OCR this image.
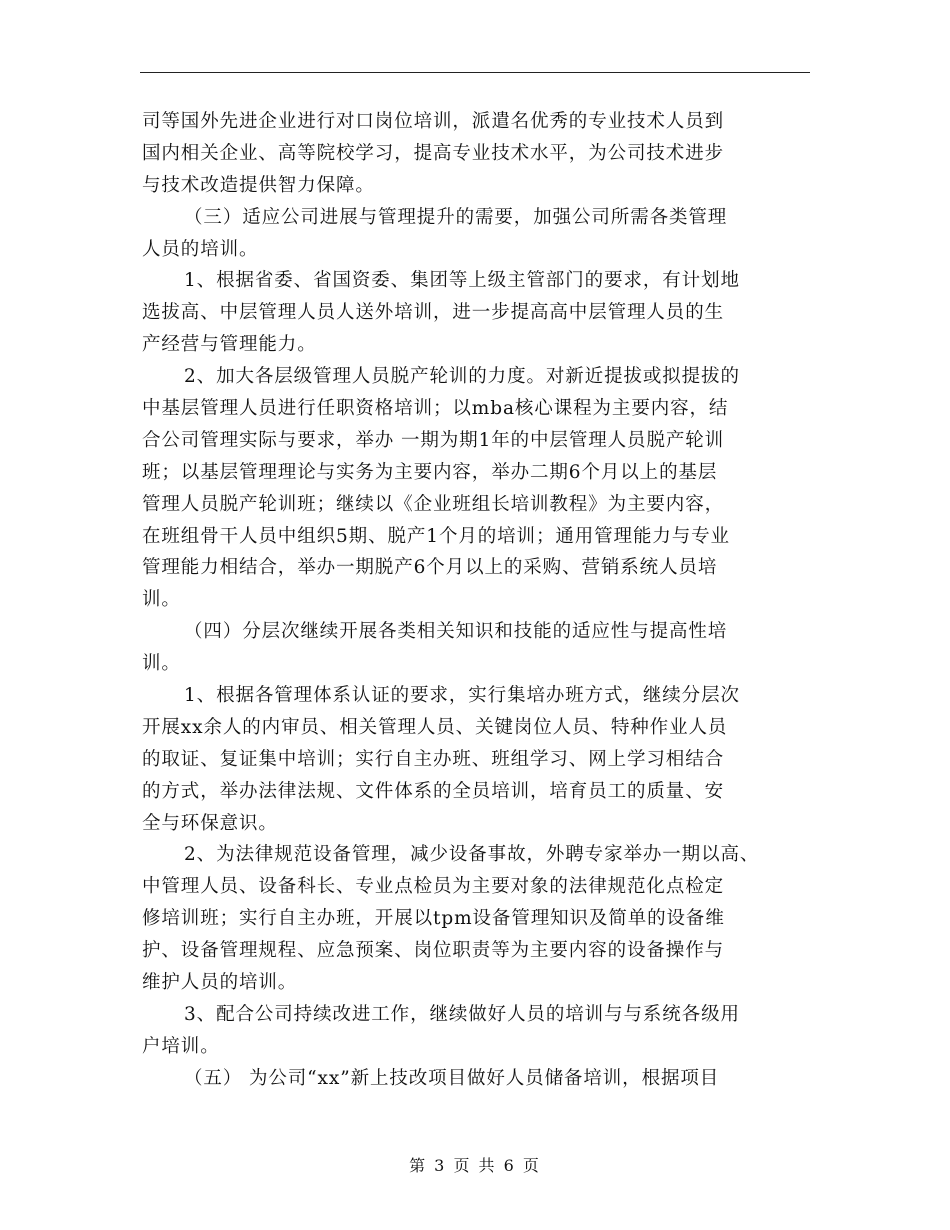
司等国外先进企业进行对口岗位培训，派遣名优秀的专业技术人员到
国内相关企业、高等院校学习，提高专业技术水平，为公司技术进步
与技术改造提供智力保障。
（三）适应公司进展与管理提升的需要，加强公司所需各类管理
人员的培训。
1、根据省委、省国资委、集团等上级主管部门的要求，有计划地
选拔高、中层管理人员人送外培训，进一步提高高中层管理人员的生
产经营与管理能力。
2、加大各层级管理人员脱产轮训的力度。对新近提拔或拟提拔的
中基层管理人员进行任职资格培训；以mba核心课程为主要内容，结
合公司管理实际与要求，举办 一期为期1年的中层管理人员脱产轮训
班；以基层管理理论与实务为主要内容，举办二期6个月以上的基层
管理人员脱产轮训班；继续以《企业班组长培训教程》为主要内容，
在班组骨干人员中组织5期、脱产1个月的培训；通用管理能力与专业
管理能力相结合，举办一期脱产6个月以上的采购、营销系统人员培
训。
（四）分层次继续开展各类相关知识和技能的适应性与提高性培
训。
1、根据各管理体系认证的要求，实行集培办班方式，继续分层次
开展xx余人的内审员、相关管理人员、关键岗位人员、特种作业人员
的取证、复证集中培训；实行自主办班、班组学习、网上学习相结合
的方式，举办法律法规、文件体系的全员培训，培育员工的质量、安
全与环保意识。
2、为法律规范设备管理，减少设备事故，外聘专家举办一期以高、
中管理人员、设备科长、专业点检员为主要对象的法律规范化点检定
修培训班；实行自主办班，开展以tpm设备管理知识及简单的设备维
护、设备管理规程、应急预案、岗位职责等为主要内容的设备操作与
维护人员的培训。
3、配合公司持续改进工作，继续做好人员的培训与与系统各级用
户培训。
（五） 为公司“xx”新上技改项目做好人员储备培训，根据项目
第 3 页 共 6 页
